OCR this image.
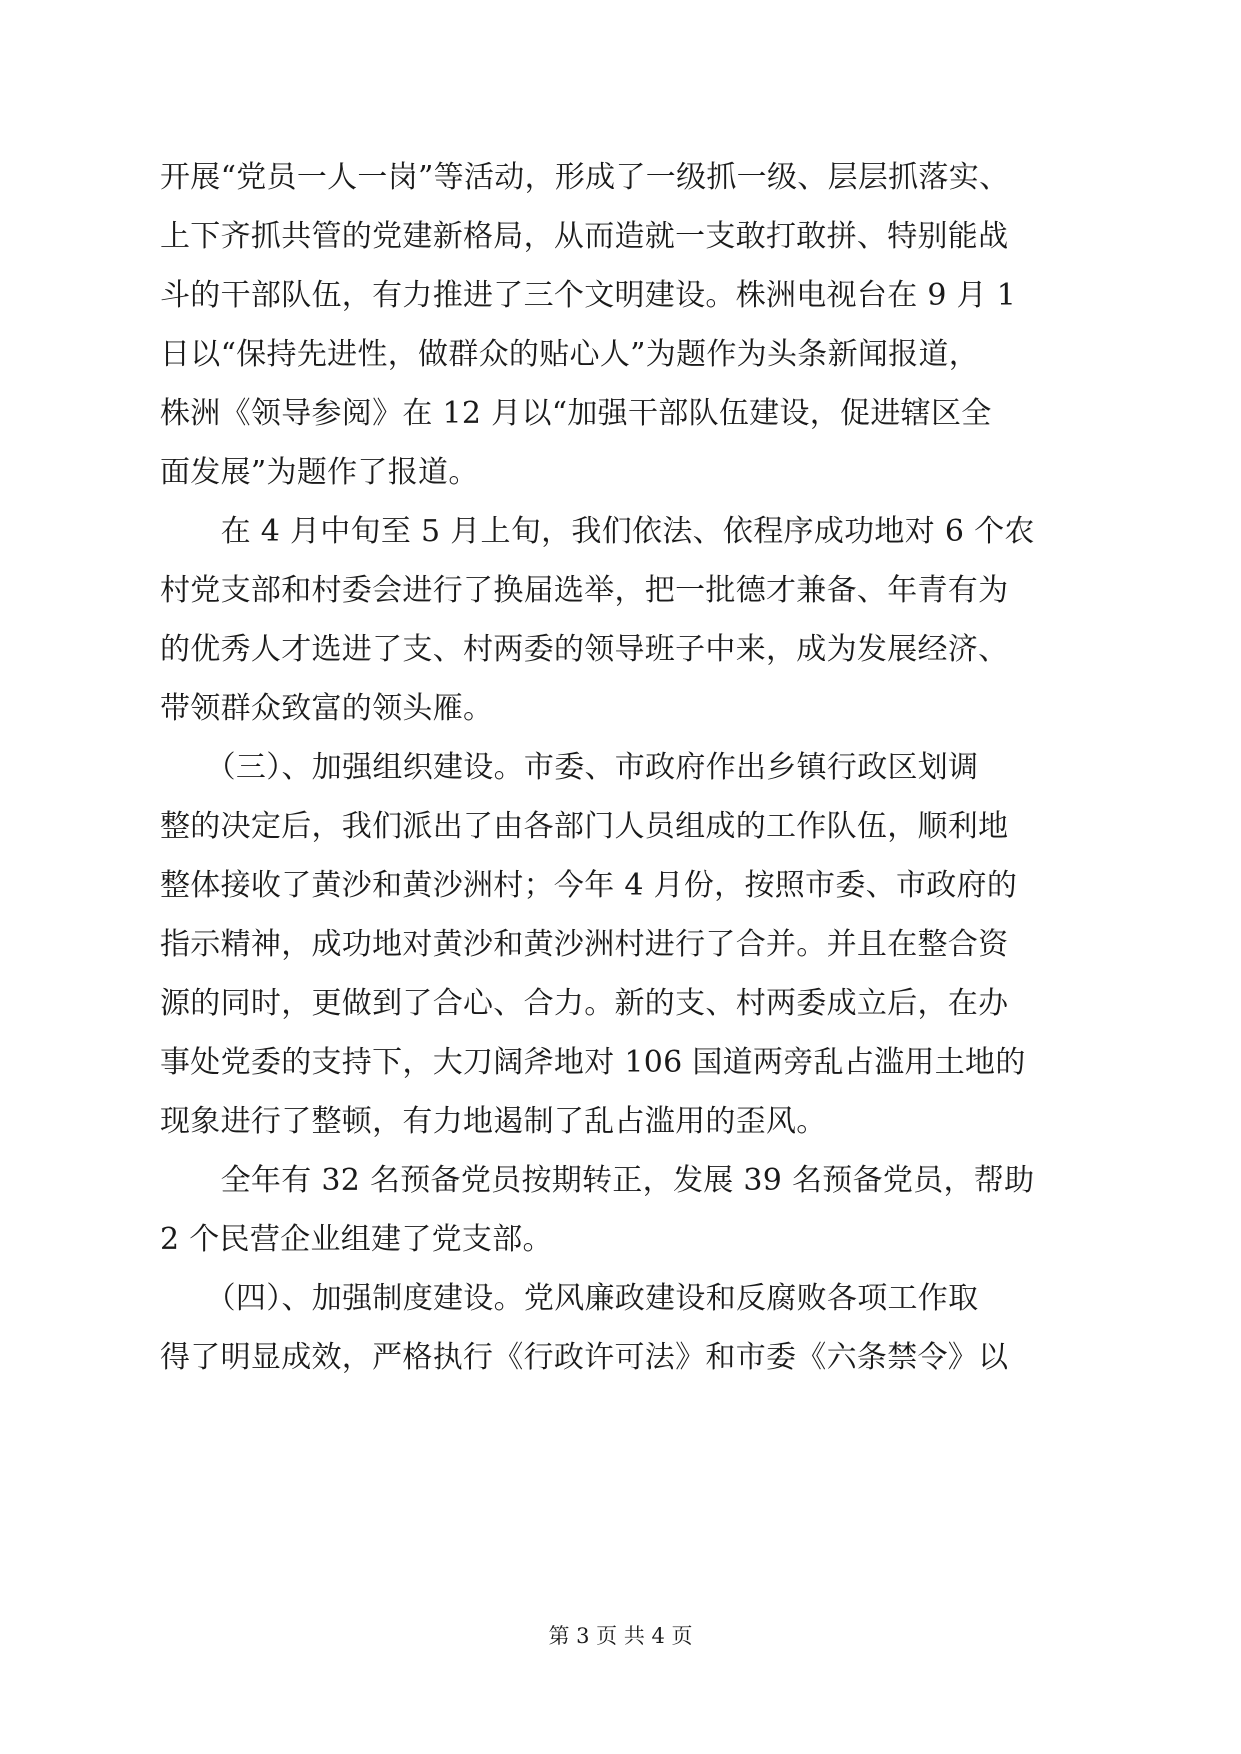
开展“党员一人一岗”等活动，形成了一级抓一级、层层抓落实、
上下齐抓共管的党建新格局，从而造就一支敢打敢拼、特别能战
斗的干部队伍，有力推进了三个文明建设。株洲电视台在 9 月 1
日以“保持先进性，做群众的贴心人”为题作为头条新闻报道，
株洲《领导参阅》在 12 月以“加强干部队伍建设，促进辖区全
面发展”为题作了报道。
　　在 4 月中旬至 5 月上旬，我们依法、依程序成功地对 6 个农
村党支部和村委会进行了换届选举，把一批德才兼备、年青有为
的优秀人才选进了支、村两委的领导班子中来，成为发展经济、
带领群众致富的领头雁。
　　（三）、加强组织建设。市委、市政府作出乡镇行政区划调
整的决定后，我们派出了由各部门人员组成的工作队伍，顺利地
整体接收了黄沙和黄沙洲村；今年 4 月份，按照市委、市政府的
指示精神，成功地对黄沙和黄沙洲村进行了合并。并且在整合资
源的同时，更做到了合心、合力。新的支、村两委成立后，在办
事处党委的支持下，大刀阔斧地对 106 国道两旁乱占滥用土地的
现象进行了整顿，有力地遏制了乱占滥用的歪风。
　　全年有 32 名预备党员按期转正，发展 39 名预备党员，帮助
2 个民营企业组建了党支部。
　　（四）、加强制度建设。党风廉政建设和反腐败各项工作取
得了明显成效，严格执行《行政许可法》和市委《六条禁令》以
第 3 页 共 4 页
